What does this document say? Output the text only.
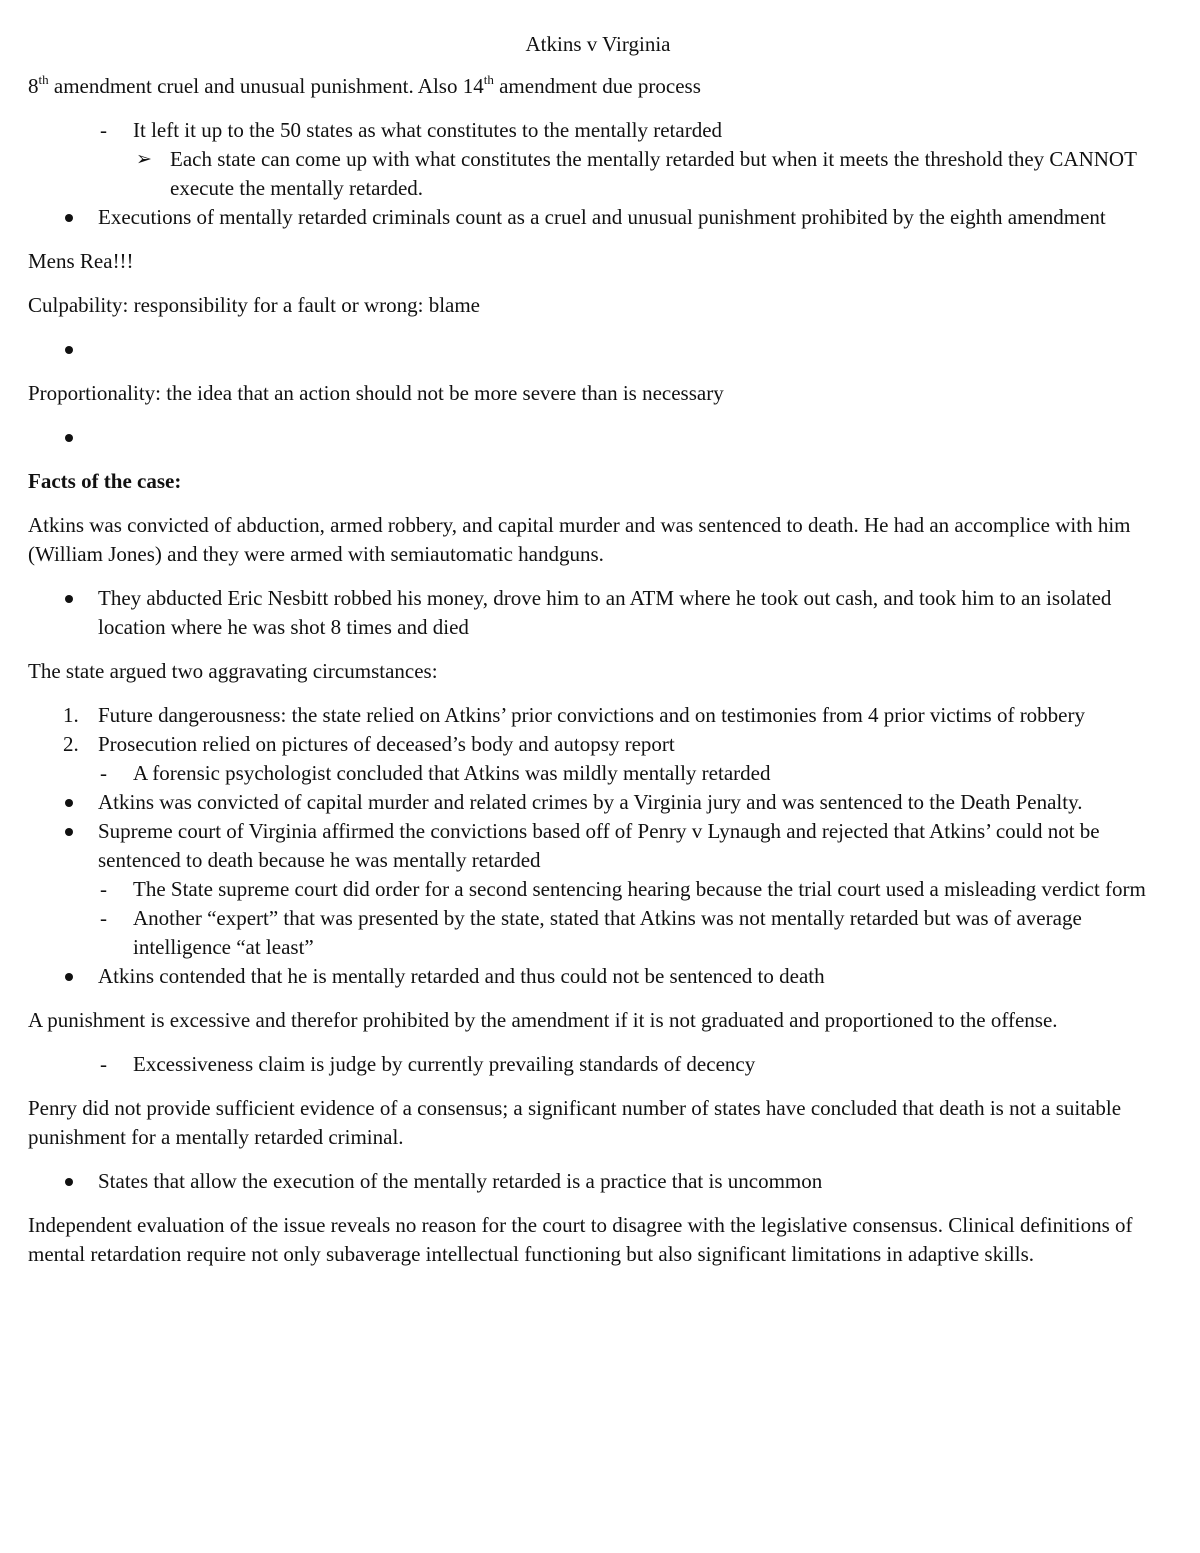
Atkins v Virginia

8th amendment cruel and unusual punishment. Also 14th amendment due process

- It left it up to the 50 states as what constitutes to the mentally retarded
➢ Each state can come up with what constitutes the mentally retarded but when it meets the threshold they CANNOT execute the mentally retarded.
Executions of mentally retarded criminals count as a cruel and unusual punishment prohibited by the eighth amendment

Mens Rea!!!

Culpability: responsibility for a fault or wrong: blame

Proportionality: the idea that an action should not be more severe than is necessary

Facts of the case:

Atkins was convicted of abduction, armed robbery, and capital murder and was sentenced to death. He had an accomplice with him (William Jones) and they were armed with semiautomatic handguns.

They abducted Eric Nesbitt robbed his money, drove him to an ATM where he took out cash, and took him to an isolated location where he was shot 8 times and died

The state argued two aggravating circumstances:

1. Future dangerousness: the state relied on Atkins’ prior convictions and on testimonies from 4 prior victims of robbery
2. Prosecution relied on pictures of deceased’s body and autopsy report
- A forensic psychologist concluded that Atkins was mildly mentally retarded
Atkins was convicted of capital murder and related crimes by a Virginia jury and was sentenced to the Death Penalty.
Supreme court of Virginia affirmed the convictions based off of Penry v Lynaugh and rejected that Atkins’ could not be sentenced to death because he was mentally retarded
- The State supreme court did order for a second sentencing hearing because the trial court used a misleading verdict form
- Another “expert” that was presented by the state, stated that Atkins was not mentally retarded but was of average intelligence “at least”
Atkins contended that he is mentally retarded and thus could not be sentenced to death

A punishment is excessive and therefor prohibited by the amendment if it is not graduated and proportioned to the offense.

- Excessiveness claim is judge by currently prevailing standards of decency

Penry did not provide sufficient evidence of a consensus; a significant number of states have concluded that death is not a suitable punishment for a mentally retarded criminal.

States that allow the execution of the mentally retarded is a practice that is uncommon

Independent evaluation of the issue reveals no reason for the court to disagree with the legislative consensus. Clinical definitions of mental retardation require not only subaverage intellectual functioning but also significant limitations in adaptive skills.
